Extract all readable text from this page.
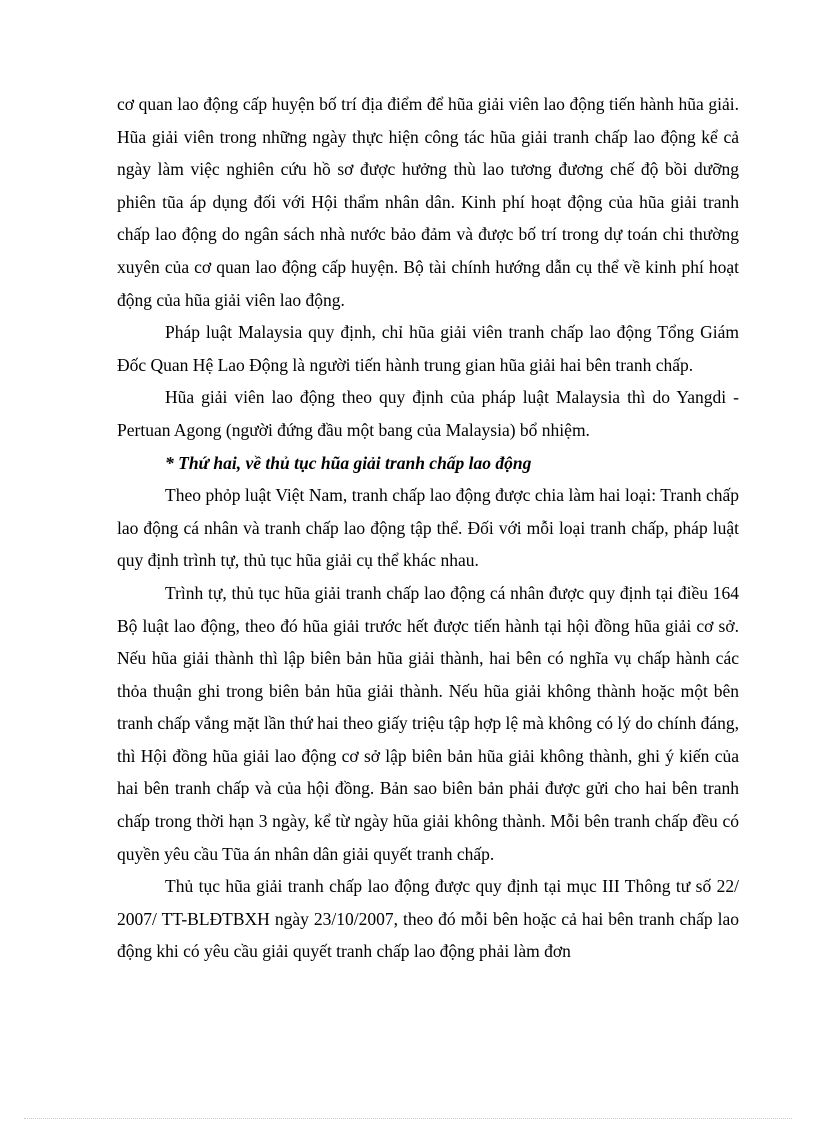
cơ quan lao động cấp huyện bố trí địa điểm để hũa giải viên lao động tiến hành hũa giải. Hũa giải viên trong những ngày thực hiện công tác hũa giải tranh chấp lao động kể cả ngày làm việc nghiên cứu hồ sơ được hưởng thù lao tương đương chế độ bồi dưỡng phiên tũa áp dụng đối với Hội thẩm nhân dân. Kinh phí hoạt động của hũa giải tranh chấp lao động do ngân sách nhà nước bảo đảm và được bố trí trong dự toán chi thường xuyên của cơ quan lao động cấp huyện. Bộ tài chính hướng dẫn cụ thể về kinh phí hoạt động của hũa giải viên lao động.

Pháp luật Malaysia quy định, chỉ hũa giải viên tranh chấp lao động Tổng Giám Đốc Quan Hệ Lao Động là người tiến hành trung gian hũa giải hai bên tranh chấp.

Hũa giải viên lao động theo quy định của pháp luật Malaysia thì do Yangdi - Pertuan Agong (người đứng đầu một bang của Malaysia) bổ nhiệm.

* Thứ hai, về thủ tục hũa giải tranh chấp lao động

Theo phỏp luật Việt Nam, tranh chấp lao động được chia làm hai loại: Tranh chấp lao động cá nhân và tranh chấp lao động tập thể. Đối với mỗi loại tranh chấp, pháp luật quy định trình tự, thủ tục hũa giải cụ thể khác nhau.

Trình tự, thủ tục hũa giải tranh chấp lao động cá nhân được quy định tại điều 164 Bộ luật lao động, theo đó hũa giải trước hết được tiến hành tại hội đồng hũa giải cơ sở. Nếu hũa giải thành thì lập biên bản hũa giải thành, hai bên có nghĩa vụ chấp hành các thỏa thuận ghi trong biên bản hũa giải thành. Nếu hũa giải không thành hoặc một bên tranh chấp vắng mặt lần thứ hai theo giấy triệu tập hợp lệ mà không có lý do chính đáng, thì Hội đồng hũa giải lao động cơ sở lập biên bản hũa giải không thành, ghi ý kiến của hai bên tranh chấp và của hội đồng. Bản sao biên bản phải được gửi cho hai bên tranh chấp trong thời hạn 3 ngày, kể từ ngày hũa giải không thành. Mỗi bên tranh chấp đều có quyền yêu cầu Tũa án nhân dân giải quyết tranh chấp.

Thủ tục hũa giải tranh chấp lao động được quy định tại mục III Thông tư số 22/ 2007/ TT-BLĐTBXH ngày 23/10/2007, theo đó mỗi bên hoặc cả hai bên tranh chấp lao động khi có yêu cầu giải quyết tranh chấp lao động phải làm đơn
